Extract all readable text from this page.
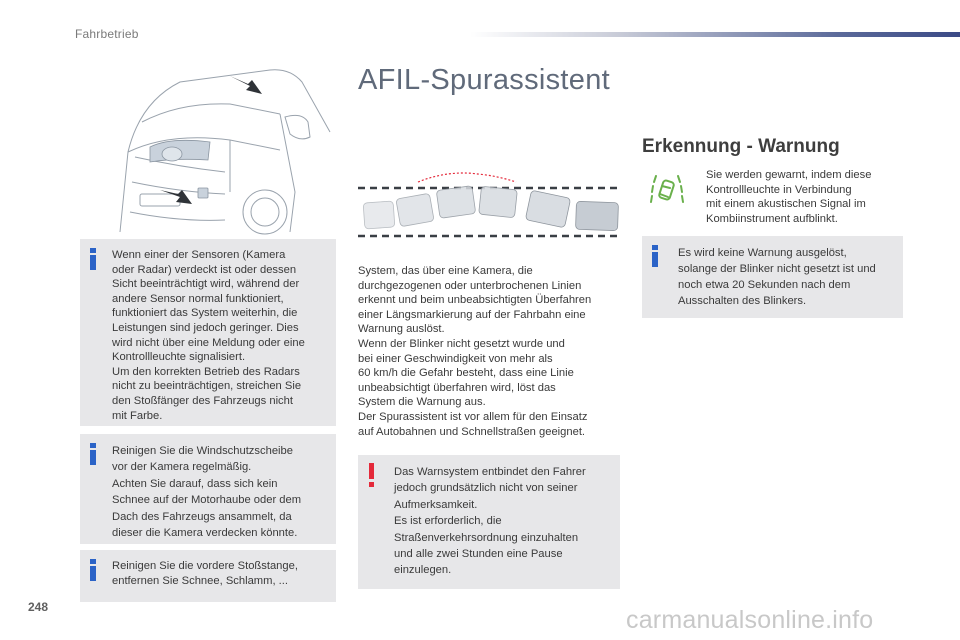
Fahrbetrieb

Wenn einer der Sensoren (Kamera

oder Radar) verdeckt ist oder dessen

Sicht beeinträchtigt wird, während der

andere Sensor normal funktioniert,

funktioniert das System weiterhin, die

Leistungen sind jedoch geringer. Dies

wird nicht über eine Meldung oder eine

Kontrollleuchte signalisiert.

Um den korrekten Betrieb des Radars

nicht zu beeinträchtigen, streichen Sie

den Stoßfänger des Fahrzeugs nicht

mit Farbe.

Reinigen Sie die Windschutzscheibe

vor der Kamera regelmäßig.

Achten Sie darauf, dass sich kein

Schnee auf der Motorhaube oder dem

Dach des Fahrzeugs ansammelt, da

dieser die Kamera verdecken könnte.

Reinigen Sie die vordere Stoßstange,

entfernen Sie Schnee, Schlamm, ...

AFIL-Spurassistent

System, das über eine Kamera, die

durchgezogenen oder unterbrochenen Linien

erkennt und beim unbeabsichtigten Überfahren

einer Längsmarkierung auf der Fahrbahn eine

Warnung auslöst.

Wenn der Blinker nicht gesetzt wurde und

bei einer Geschwindigkeit von mehr als

60 km/h die Gefahr besteht, dass eine Linie

unbeabsichtigt überfahren wird, löst das

System die Warnung aus.

Der Spurassistent ist vor allem für den Einsatz

auf Autobahnen und Schnellstraßen geeignet.

Das Warnsystem entbindet den Fahrer

jedoch grundsätzlich nicht von seiner

Aufmerksamkeit.

Es ist erforderlich, die

Straßenverkehrsordnung einzuhalten

und alle zwei Stunden eine Pause

einzulegen.

Erkennung - Warnung

Sie werden gewarnt, indem diese

Kontrollleuchte in Verbindung

mit einem akustischen Signal im

Kombiinstrument aufblinkt.

Es wird keine Warnung ausgelöst,

solange der Blinker nicht gesetzt ist und

noch etwa 20 Sekunden nach dem

Ausschalten des Blinkers.

248	carmanualsonline.info
